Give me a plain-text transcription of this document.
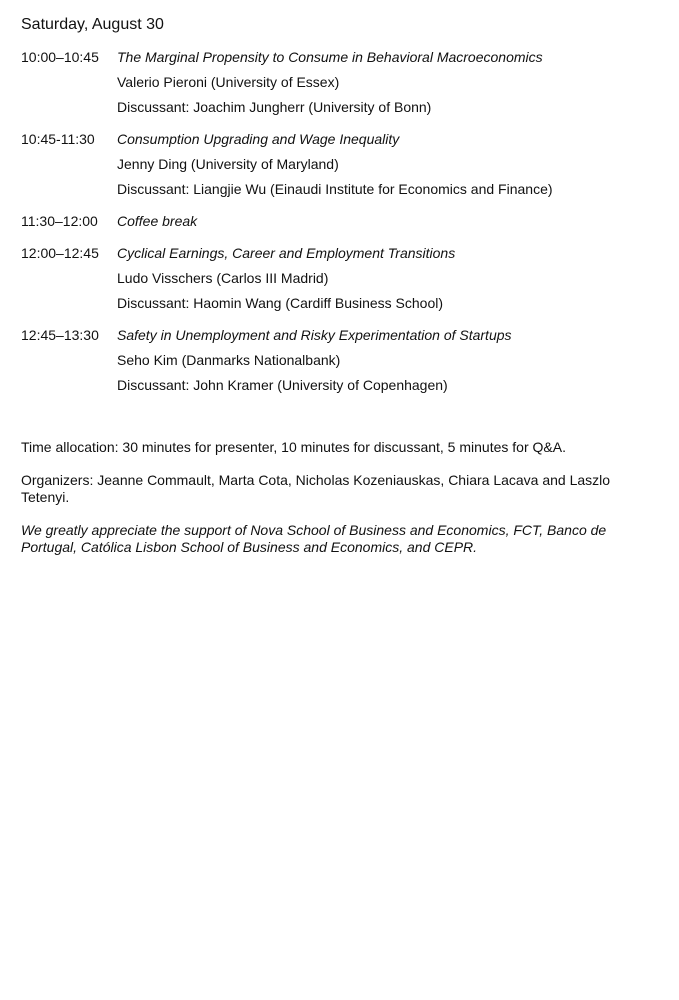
Saturday, August 30
10:00–10:45 The Marginal Propensity to Consume in Behavioral Macroeconomics
Valerio Pieroni (University of Essex)
Discussant: Joachim Jungherr (University of Bonn)
10:45-11:30 Consumption Upgrading and Wage Inequality
Jenny Ding (University of Maryland)
Discussant: Liangjie Wu (Einaudi Institute for Economics and Finance)
11:30–12:00 Coffee break
12:00–12:45 Cyclical Earnings, Career and Employment Transitions
Ludo Visschers (Carlos III Madrid)
Discussant: Haomin Wang (Cardiff Business School)
12:45–13:30 Safety in Unemployment and Risky Experimentation of Startups
Seho Kim (Danmarks Nationalbank)
Discussant: John Kramer (University of Copenhagen)

Time allocation: 30 minutes for presenter, 10 minutes for discussant, 5 minutes for Q&A.

Organizers: Jeanne Commault, Marta Cota, Nicholas Kozeniauskas, Chiara Lacava and Laszlo Tetenyi.

We greatly appreciate the support of Nova School of Business and Economics, FCT, Banco de Portugal, Católica Lisbon School of Business and Economics, and CEPR.
